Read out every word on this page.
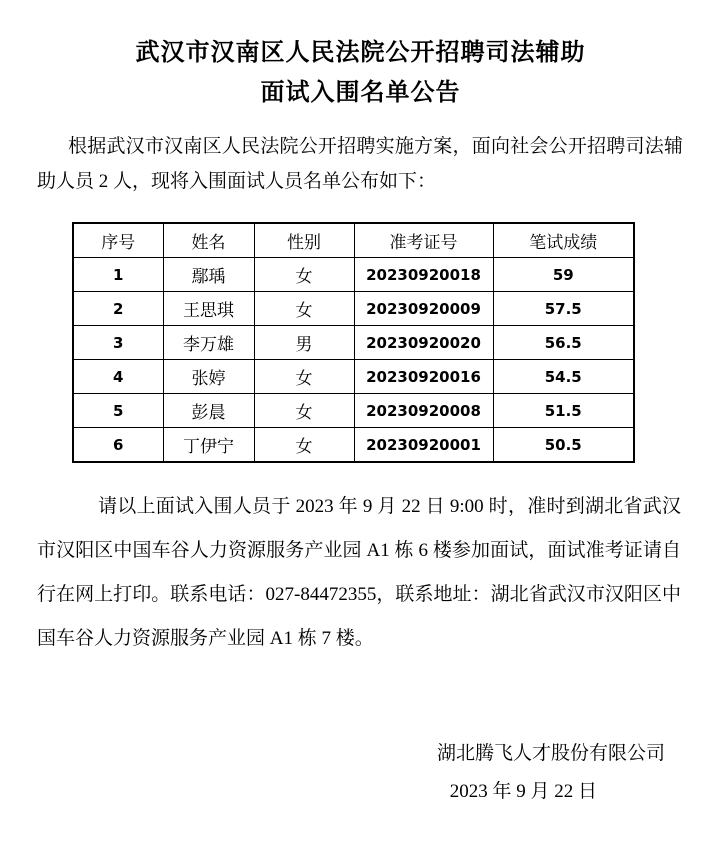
武汉市汉南区人民法院公开招聘司法辅助
面试入围名单公告

根据武汉市汉南区人民法院公开招聘实施方案，面向社会公开招聘司法辅助人员 2 人，现将入围面试人员名单公布如下：

序号	姓名	性别	准考证号	笔试成绩
1	鄢瑀	女	20230920018	59
2	王思琪	女	20230920009	57.5
3	李万雄	男	20230920020	56.5
4	张婷	女	20230920016	54.5
5	彭晨	女	20230920008	51.5
6	丁伊宁	女	20230920001	50.5

请以上面试入围人员于 2023 年 9 月 22 日 9:00 时，准时到湖北省武汉市汉阳区中国车谷人力资源服务产业园 A1 栋 6 楼参加面试，面试准考证请自行在网上打印。联系电话：027-84472355，联系地址：湖北省武汉市汉阳区中国车谷人力资源服务产业园 A1 栋 7 楼。

湖北腾飞人才股份有限公司
2023 年 9 月 22 日
